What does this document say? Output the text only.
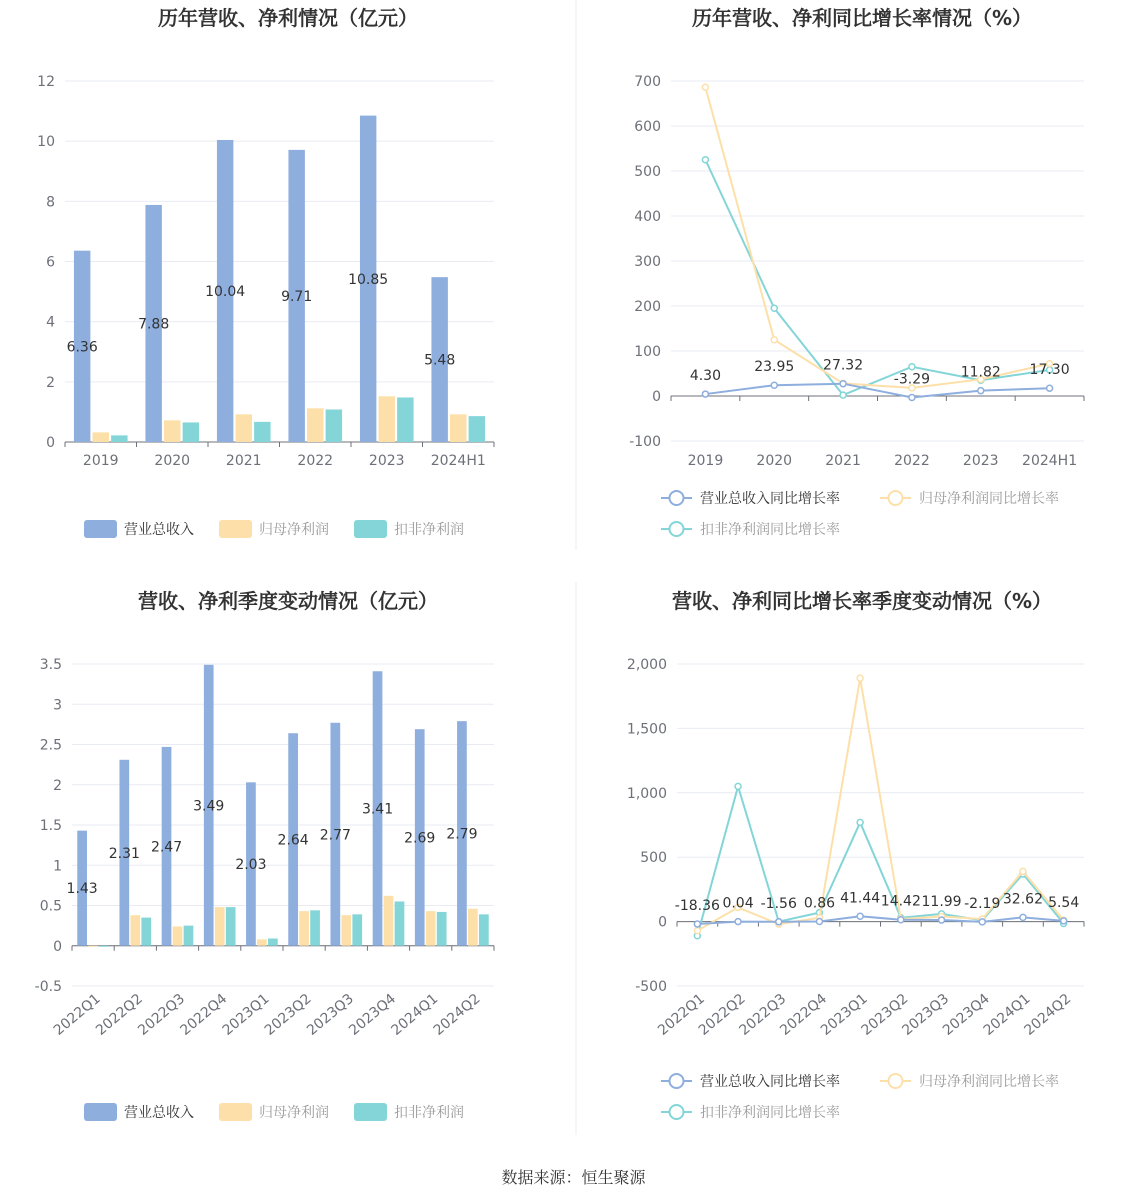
数据来源：恒生聚源
历年营收、净利情况（亿元）
0
2
4
6
8
10
12
2019	2020	2021	2022	2023 2024H1
6.36
7.88
10.04	9.71
10.85
5.48
营业总收入	归母净利润	扣非净利润
历年营收、净利同比增长率情况（%）
-100
0
100
200
300
400
500
600
700
2019 2020 2021 2022 2023 2024H1
4.30
23.95 27.32
-3.29 11.82 17.30
营业总收入同比增长率	归母净利润同比增长率
扣非净利润同比增长率
营收、净利季度变动情况（亿元）
-0.5
0
0.5
1
1.5
2
2.5
3
3.5
2022Q1
2022Q2
2022Q3
2022Q4
2023Q1
2023Q2
2023Q3
2023Q4
2024Q1
2024Q2
1.43
2.31 2.47
3.49
2.03
2.64 2.77
3.41
2.69 2.79
营业总收入	归母净利润	扣非净利润
营收、净利同比增长率季度变动情况（%）
-500
0
500
1,000
1,500
2,000
2022Q1
2022Q2
2022Q3
2022Q4
2023Q1
2023Q2
2023Q3
2023Q4
2024Q1
2024Q2
-18.36 0.04 -1.56 0.86 41.44 14.42 11.99 -2.19 32.62 5.54
营业总收入同比增长率	归母净利润同比增长率
扣非净利润同比增长率
